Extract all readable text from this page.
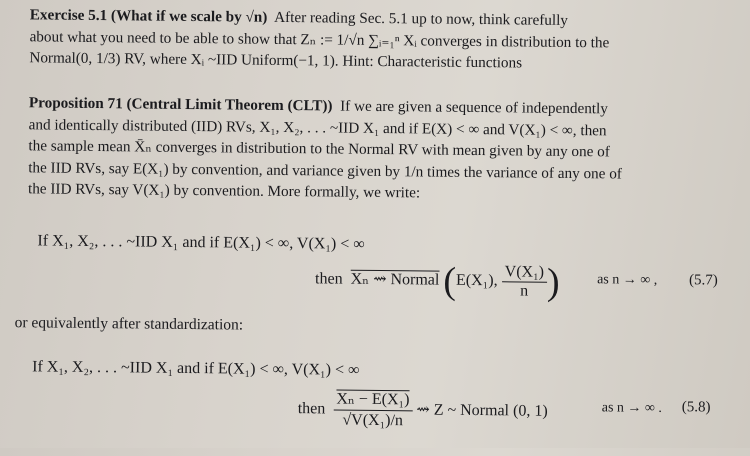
Exercise 5.1 (What if we scale by √n) After reading Sec. 5.1 up to now, think carefully
about what you need to be able to show that Zₙ := 1/√n ∑ᵢ₌₁ⁿ Xᵢ converges in distribution to the
Normal(0, 1/3) RV, where Xᵢ ~IID Uniform(−1, 1). Hint: Characteristic functions
Proposition 71 (Central Limit Theorem (CLT)) If we are given a sequence of independently
and identically distributed (IID) RVs, X₁, X₂, . . . ~IID X₁ and if E(X) < ∞ and V(X₁) < ∞, then
the sample mean X̄ₙ converges in distribution to the Normal RV with mean given by any one of
the IID RVs, say E(X₁) by convention, and variance given by 1/n times the variance of any one of
the IID RVs, say V(X₁) by convention. More formally, we write:
If X₁, X₂, . . . ~IID X₁ and if E(X₁) < ∞, V(X₁) < ∞
then Xₙ ⇝ Normal (E(X₁), $\frac{\text{V(X₁)}}{n}$ )	as n → ∞ , (5.7)
or equivalently after standardization:
If X₁, X₂, . . . ~IID X₁ and if E(X₁) < ∞, V(X₁) < ∞
then $\frac{\text{Xₙ − E(X₁)}}{\text{√V(X₁)/n}}$ ⇝ Z ~ Normal (0, 1)	as n → ∞ . (5.8)
